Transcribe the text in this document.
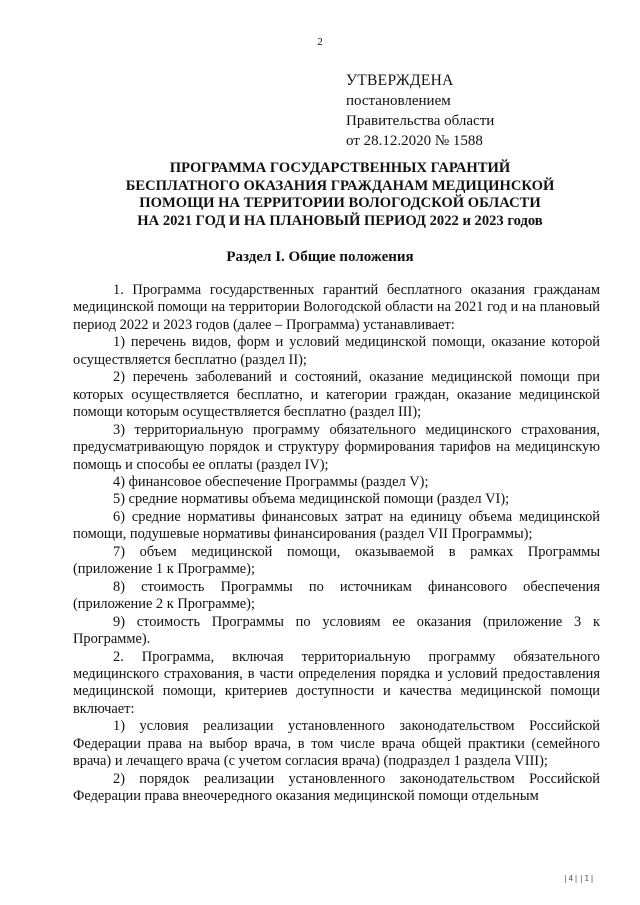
2
УТВЕРЖДЕНА
постановлением
Правительства области
от 28.12.2020 № 1588
ПРОГРАММА ГОСУДАРСТВЕННЫХ ГАРАНТИЙ
БЕСПЛАТНОГО ОКАЗАНИЯ ГРАЖДАНАМ МЕДИЦИНСКОЙ
ПОМОЩИ НА ТЕРРИТОРИИ ВОЛОГОДСКОЙ ОБЛАСТИ
НА 2021 ГОД И НА ПЛАНОВЫЙ ПЕРИОД 2022 и 2023 годов
Раздел I. Общие положения

1. Программа государственных гарантий бесплатного оказания гражданам медицинской помощи на территории Вологодской области на 2021 год и на плановый период 2022 и 2023 годов (далее – Программа) устанавливает:

1) перечень видов, форм и условий медицинской помощи, оказание которой осуществляется бесплатно (раздел II);

2) перечень заболеваний и состояний, оказание медицинской помощи при которых осуществляется бесплатно, и категории граждан, оказание медицинской помощи которым осуществляется бесплатно (раздел III);

3) территориальную программу обязательного медицинского страхования, предусматривающую порядок и структуру формирования тарифов на медицинскую помощь и способы ее оплаты (раздел IV);

4) финансовое обеспечение Программы (раздел V);

5) средние нормативы объема медицинской помощи (раздел VI);

6) средние нормативы финансовых затрат на единицу объема медицинской помощи, подушевые нормативы финансирования (раздел VII Программы);

7) объем медицинской помощи, оказываемой в рамках Программы (приложение 1 к Программе);

8) стоимость Программы по источникам финансового обеспечения (приложение 2 к Программе);

9) стоимость Программы по условиям ее оказания (приложение 3 к Программе).

2. Программа, включая территориальную программу обязательного медицинского страхования, в части определения порядка и условий предоставления медицинской помощи, критериев доступности и качества медицинской помощи включает:

1) условия реализации установленного законодательством Российской Федерации права на выбор врача, в том числе врача общей практики (семейного врача) и лечащего врача (с учетом согласия врача) (подраздел 1 раздела VIII);

2) порядок реализации установленного законодательством Российской Федерации права внеочередного оказания медицинской помощи отдельным

|4||1|
